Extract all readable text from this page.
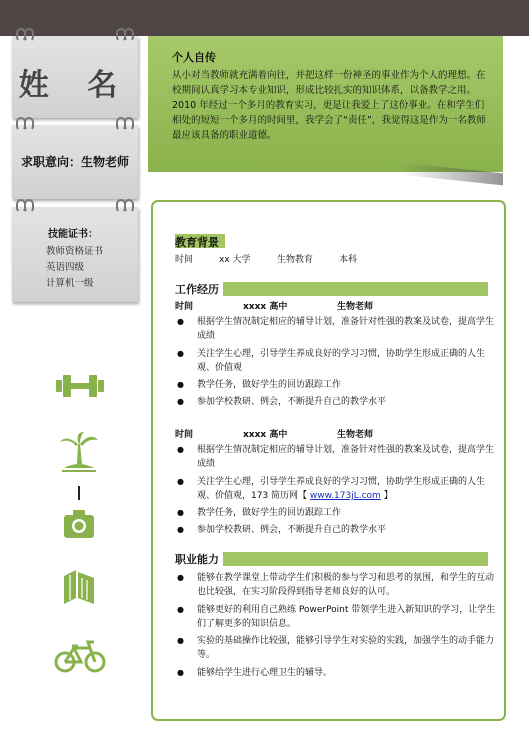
姓 名
求职意向：生物老师
技能证书：
教师资格证书
英语四级
计算机一级
个人自传
从小对当教师就充满着向往，并把这样一份神圣的事业作为个人的理想。在校期间认真学习本专业知识，形成比较扎实的知识体系，以备教学之用。2010 年经过一个多月的教育实习，更是让我爱上了这份事业。在和学生们相处的短短一个多月的时间里，我学会了“责任”，我觉得这是作为一名教师最应该具备的职业道德。
教育背景
时间	xx 大学	生物教育	本科
工作经历
时间	xxxx 高中	生物老师
● 根据学生情况制定相应的辅导计划，准备针对性强的教案及试卷，提高学生成绩
● 关注学生心理，引导学生养成良好的学习习惯，协助学生形成正确的人生观、价值观
● 教学任务，做好学生的回访跟踪工作
● 参加学校教研、例会，不断提升自己的教学水平
时间	xxxx 高中	生物老师
● 根据学生情况制定相应的辅导计划，准备针对性强的教案及试卷，提高学生成绩
● 关注学生心理，引导学生养成良好的学习习惯，协助学生形成正确的人生观、价值观，173 简历网【 www.173jL.com 】
● 教学任务，做好学生的回访跟踪工作
● 参加学校教研、例会，不断提升自己的教学水平
职业能力
● 能够在教学课堂上带动学生们积极的参与学习和思考的氛围，和学生的互动也比较强，在实习阶段得到指导老师良好的认可。
● 能够更好的利用自己熟练 PowerPoint 带领学生进入新知识的学习，让学生们了解更多的知识信息。
● 实验的基础操作比较强，能够引导学生对实验的实践，加强学生的动手能力等。
● 能够给学生进行心理卫生的辅导。
